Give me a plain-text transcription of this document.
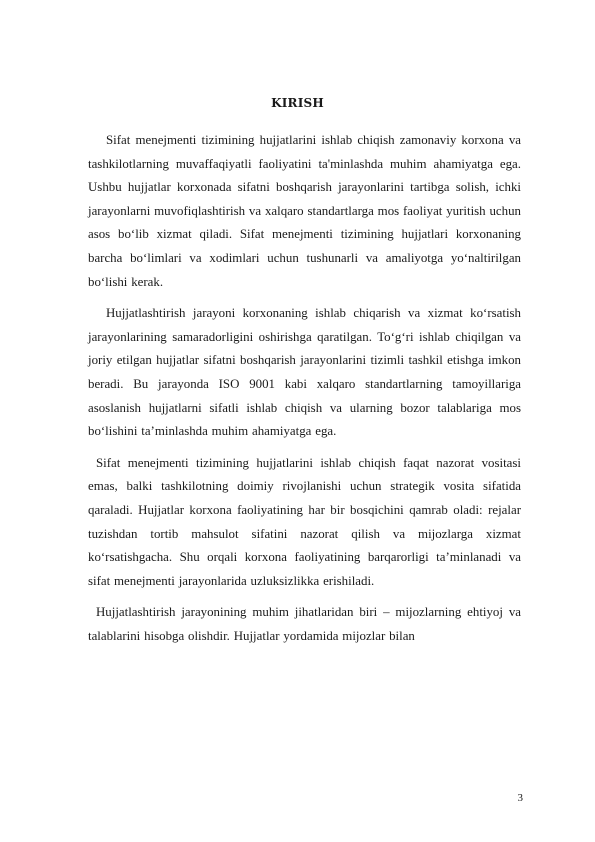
KIRISH

Sifat menejmenti tizimining hujjatlarini ishlab chiqish zamonaviy korxona va tashkilotlarning muvaffaqiyatli faoliyatini ta'minlashda muhim ahamiyatga ega. Ushbu hujjatlar korxonada sifatni boshqarish jarayonlarini tartibga solish, ichki jarayonlarni muvofiqlashtirish va xalqaro standartlarga mos faoliyat yuritish uchun asos bo‘lib xizmat qiladi. Sifat menejmenti tizimining hujjatlari korxonaning barcha bo‘limlari va xodimlari uchun tushunarli va amaliyotga yo‘naltirilgan bo‘lishi kerak.

Hujjatlashtirish jarayoni korxonaning ishlab chiqarish va xizmat ko‘rsatish jarayonlarining samaradorligini oshirishga qaratilgan. To‘g‘ri ishlab chiqilgan va joriy etilgan hujjatlar sifatni boshqarish jarayonlarini tizimli tashkil etishga imkon beradi. Bu jarayonda ISO 9001 kabi xalqaro standartlarning tamoyillariga asoslanish hujjatlarni sifatli ishlab chiqish va ularning bozor talablariga mos bo‘lishini ta’minlashda muhim ahamiyatga ega.

Sifat menejmenti tizimining hujjatlarini ishlab chiqish faqat nazorat vositasi emas, balki tashkilotning doimiy rivojlanishi uchun strategik vosita sifatida qaraladi. Hujjatlar korxona faoliyatining har bir bosqichini qamrab oladi: rejalar tuzishdan tortib mahsulot sifatini nazorat qilish va mijozlarga xizmat ko‘rsatishgacha. Shu orqali korxona faoliyatining barqarorligi ta’minlanadi va sifat menejmenti jarayonlarida uzluksizlikka erishiladi.

Hujjatlashtirish jarayonining muhim jihatlaridan biri – mijozlarning ehtiyoj va talablarini hisobga olishdir. Hujjatlar yordamida mijozlar bilan

3
